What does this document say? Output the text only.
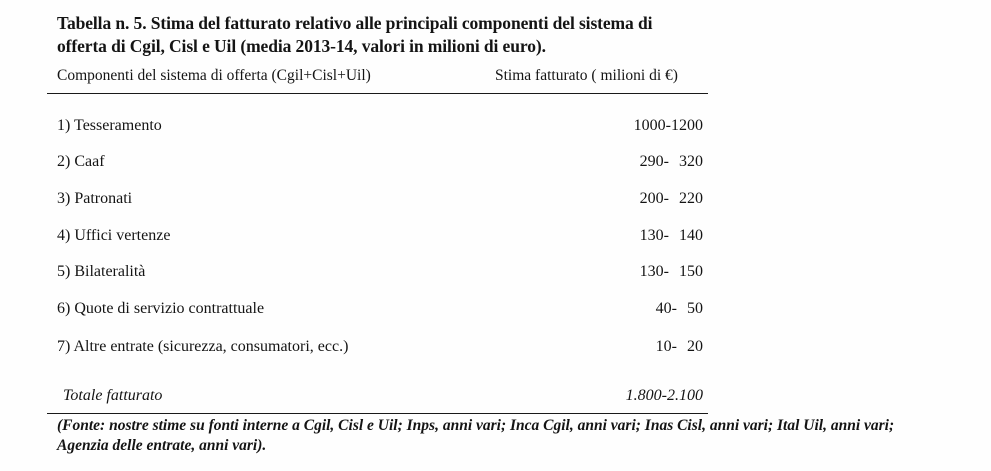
Tabella n. 5. Stima del fatturato relativo alle principali componenti del sistema di
offerta di Cgil, Cisl e Uil (media 2013-14, valori in milioni di euro).
Componenti del sistema di offerta (Cgil+Cisl+Uil)	Stima fatturato ( milioni di €)
1) Tesseramento	1000-1200
2) Caaf	290- 320
3) Patronati	200- 220
4) Uffici vertenze	130- 140
5) Bilateralità	130- 150
6) Quote di servizio contrattuale	40- 50
7) Altre entrate (sicurezza, consumatori, ecc.)	10- 20
Totale fatturato	1.800-2.100
(Fonte: nostre stime su fonti interne a Cgil, Cisl e Uil; Inps, anni vari; Inca Cgil, anni vari; Inas Cisl, anni vari; Ital Uil, anni vari; Agenzia delle entrate, anni vari).
